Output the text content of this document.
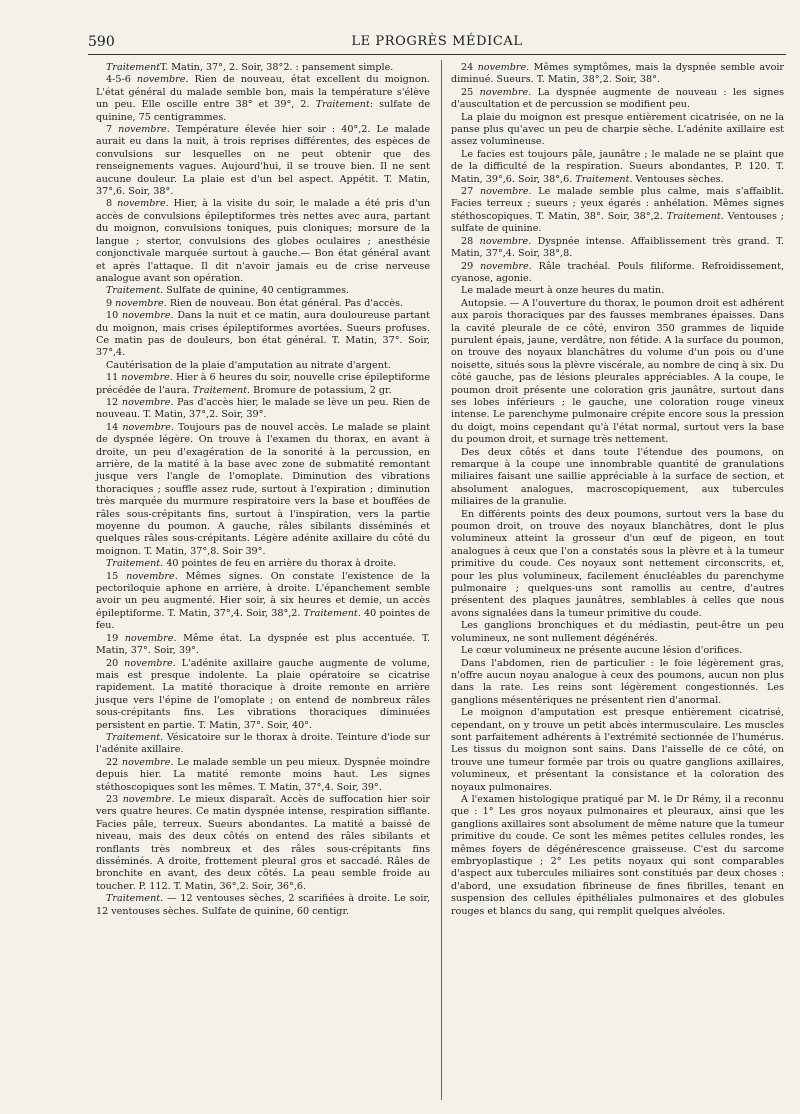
590	LE PROGRÈS MÉDICAL

TraitementT. Matin, 37°, 2. Soir, 38°2. : pansement simple.

4-5-6 novembre. Rien de nouveau, état excellent du moignon. L'état général du malade semble bon, mais la température s'élève un peu. Elle oscille entre 38° et 39°, 2. Traitement: sulfate de quinine, 75 centigrammes.

7 novembre. Température élevée hier soir : 40°,2. Le malade aurait eu dans la nuit, à trois reprises différentes, des espèces de convulsions sur lesquelles on ne peut obtenir que des renseignements vagues. Aujourd'hui, il se trouve bien. Il ne sent aucune douleur. La plaie est d'un bel aspect. Appétit. T. Matin, 37°,6. Soir, 38°.

8 novembre. Hier, à la visite du soir, le malade a été pris d'un accès de convulsions épileptiformes très nettes avec aura, partant du moignon, convulsions toniques, puis cloniques; morsure de la langue ; stertor, convulsions des globes oculaires ; anesthésie conjonctivale marquée surtout à gauche.— Bon état général avant et après l'attaque. Il dit n'avoir jamais eu de crise nerveuse analogue avant son opération.

Traitement. Sulfate de quinine, 40 centigrammes.

9 novembre. Rien de nouveau. Bon état général. Pas d'accès.

10 novembre. Dans la nuit et ce matin, aura douloureuse partant du moignon, mais crises épileptiformes avortées. Sueurs profuses. Ce matin pas de douleurs, bon état général. T. Matin, 37°. Soir, 37°,4.

Cautérisation de la plaie d'amputation au nitrate d'argent.

11 novembre. Hier à 6 heures du soir, nouvelle crise épileptiforme précédée de l'aura. Traitement. Bromure de potassium, 2 gr.

12 novembre. Pas d'accès hier, le malade se lève un peu. Rien de nouveau. T. Matin, 37°,2. Soir, 39°.

14 novembre. Toujours pas de nouvel accès. Le malade se plaint de dyspnée légère. On trouve à l'examen du thorax, en avant à droite, un peu d'exagération de la sonorité à la percussion, en arrière, de la matité à la base avec zone de submatité remontant jusque vers l'angle de l'omoplate. Diminution des vibrations thoraciques ; souffle assez rude, surtout à l'expiration ; diminution très marquée du murmure respiratoire vers la base et bouffées de râles sous-crépitants fins, surtout à l'inspiration, vers la partie moyenne du poumon. A gauche, râles sibilants disséminés et quelques râles sous-crépitants. Légère adénite axillaire du côté du moignon. T. Matin, 37°,8. Soir 39°.

Traitement. 40 pointes de feu en arrière du thorax à droite.

15 novembre. Mêmes signes. On constate l'existence de la pectoriloquie aphone en arrière, à droite. L'épanchement semble avoir un peu augmenté. Hier soir, à six heures et demie, un accès épileptiforme. T. Matin, 37°,4. Soir, 38°,2. Traitement. 40 pointes de feu.

19 novembre. Même état. La dyspnée est plus accentuée. T. Matin, 37°. Soir, 39°.

20 novembre. L'adénite axillaire gauche augmente de volume, mais est presque indolente. La plaie opératoire se cicatrise rapidement. La matité thoracique à droite remonte en arrière jusque vers l'épine de l'omoplate ; on entend de nombreux râles sous-crépitants fins. Les vibrations thoraciques diminuées persistent en partie. T. Matin, 37°. Soir, 40°.

Traitement. Vésicatoire sur le thorax à droite. Teinture d'iode sur l'adénite axillaire.

22 novembre. Le malade semble un peu mieux. Dyspnée moindre depuis hier. La matité remonte moins haut. Les signes stéthoscopiques sont les mêmes. T. Matin, 37°,4. Soir, 39°.

23 novembre. Le mieux disparaît. Accès de suffocation hier soir vers quatre heures. Ce matin dyspnée intense, respiration sifflante. Facies pâle, terreux. Sueurs abondantes. La matité a baissé de niveau, mais des deux côtés on entend des râles sibilants et ronflants très nombreux et des râles sous-crépitants fins disséminés. A droite, frottement pleural gros et saccadé. Râles de bronchite en avant, des deux côtés. La peau semble froide au toucher. P. 112. T. Matin, 36°,2. Soir, 36°,6.

Traitement. — 12 ventouses sèches, 2 scarifiées à droite. Le soir, 12 ventouses sèches. Sulfate de quinine, 60 centigr.

24 novembre. Mêmes symptômes, mais la dyspnée semble avoir diminué. Sueurs. T. Matin, 38°,2. Soir, 38°.

25 novembre. La dyspnée augmente de nouveau : les signes d'auscultation et de percussion se modifient peu.

La plaie du moignon est presque entièrement cicatrisée, on ne la panse plus qu'avec un peu de charpie sèche. L'adénite axillaire est assez volumineuse.

Le facies est toujours pâle, jaunâtre ; le malade ne se plaint que de la difficulté de la respiration. Sueurs abondantes, P. 120. T. Matin, 39°,6. Soir, 38°,6. Traitement. Ventouses sèches.

27 novembre. Le malade semble plus calme, mais s'affaiblit. Facies terreux ; sueurs ; yeux égarés : anhélation. Mêmes signes stéthoscopiques. T. Matin, 38°. Soir, 38°,2. Traitement. Ventouses ; sulfate de quinine.

28 novembre. Dyspnée intense. Affaiblissement très grand. T. Matin, 37°,4. Soir, 38°,8.

29 novembre. Râle trachéal. Pouls filiforme. Refroidissement, cyanose, agonie.

Le malade meurt à onze heures du matin.

Autopsie. — A l'ouverture du thorax, le poumon droit est adhérent aux parois thoraciques par des fausses membranes épaisses. Dans la cavité pleurale de ce côté, environ 350 grammes de liquide purulent épais, jaune, verdâtre, non fétide. A la surface du poumon, on trouve des noyaux blanchâtres du volume d'un pois ou d'une noisette, situés sous la plèvre viscérale, au nombre de cinq à six. Du côté gauche, pas de lésions pleurales appréciables. A la coupe, le poumon droit présente une coloration gris jaunâtre, surtout dans ses lobes inférieurs ; le gauche, une coloration rouge vineux intense. Le parenchyme pulmonaire crépite encore sous la pression du doigt, moins cependant qu'à l'état normal, surtout vers la base du poumon droit, et surnage très nettement.

Des deux côtés et dans toute l'étendue des poumons, on remarque à la coupe une innombrable quantité de granulations miliaires faisant une saillie appréciable à la surface de section, et absolument analogues, macroscopiquement, aux tubercules miliaires de la granulie.

En différents points des deux poumons, surtout vers la base du poumon droit, on trouve des noyaux blanchâtres, dont le plus volumineux atteint la grosseur d'un œuf de pigeon, en tout analogues à ceux que l'on a constatés sous la plèvre et à la tumeur primitive du coude. Ces noyaux sont nettement circonscrits, et, pour les plus volumineux, facilement énucléables du parenchyme pulmonaire ; quelques-uns sont ramollis au centre, d'autres présentent des plaques jaunâtres, semblables à celles que nous avons signalées dans la tumeur primitive du coude.

Les ganglions bronchiques et du médiastin, peut-être un peu volumineux, ne sont nullement dégénérés.

Le cœur volumineux ne présente aucune lésion d'orifices.

Dans l'abdomen, rien de particulier : le foie légèrement gras, n'offre aucun noyau analogue à ceux des poumons, aucun non plus dans la rate. Les reins sont légèrement congestionnés. Les ganglions mésentériques ne présentent rien d'anormal.

Le moignon d'amputation est presque entièrement cicatrisé, cependant, on y trouve un petit abcès intermusculaire. Les muscles sont parfaitement adhérents à l'extrémité sectionnée de l'humérus. Les tissus du moignon sont sains. Dans l'aisselle de ce côté, on trouve une tumeur formée par trois ou quatre ganglions axillaires, volumineux, et présentant la consistance et la coloration des noyaux pulmonaires.

A l'examen histologique pratiqué par M. le Dr Rémy, il a reconnu que : 1° Les gros noyaux pulmonaires et pleuraux, ainsi que les ganglions axillaires sont absolument de même nature que la tumeur primitive du coude. Ce sont les mêmes petites cellules rondes, les mêmes foyers de dégénérescence graisseuse. C'est du sarcome embryoplastique ; 2° Les petits noyaux qui sont comparables d'aspect aux tubercules miliaires sont constitués par deux choses : d'abord, une exsudation fibrineuse de fines fibrilles, tenant en suspension des cellules épithéliales pulmonaires et des globules rouges et blancs du sang, qui remplit quelques alvéoles.
